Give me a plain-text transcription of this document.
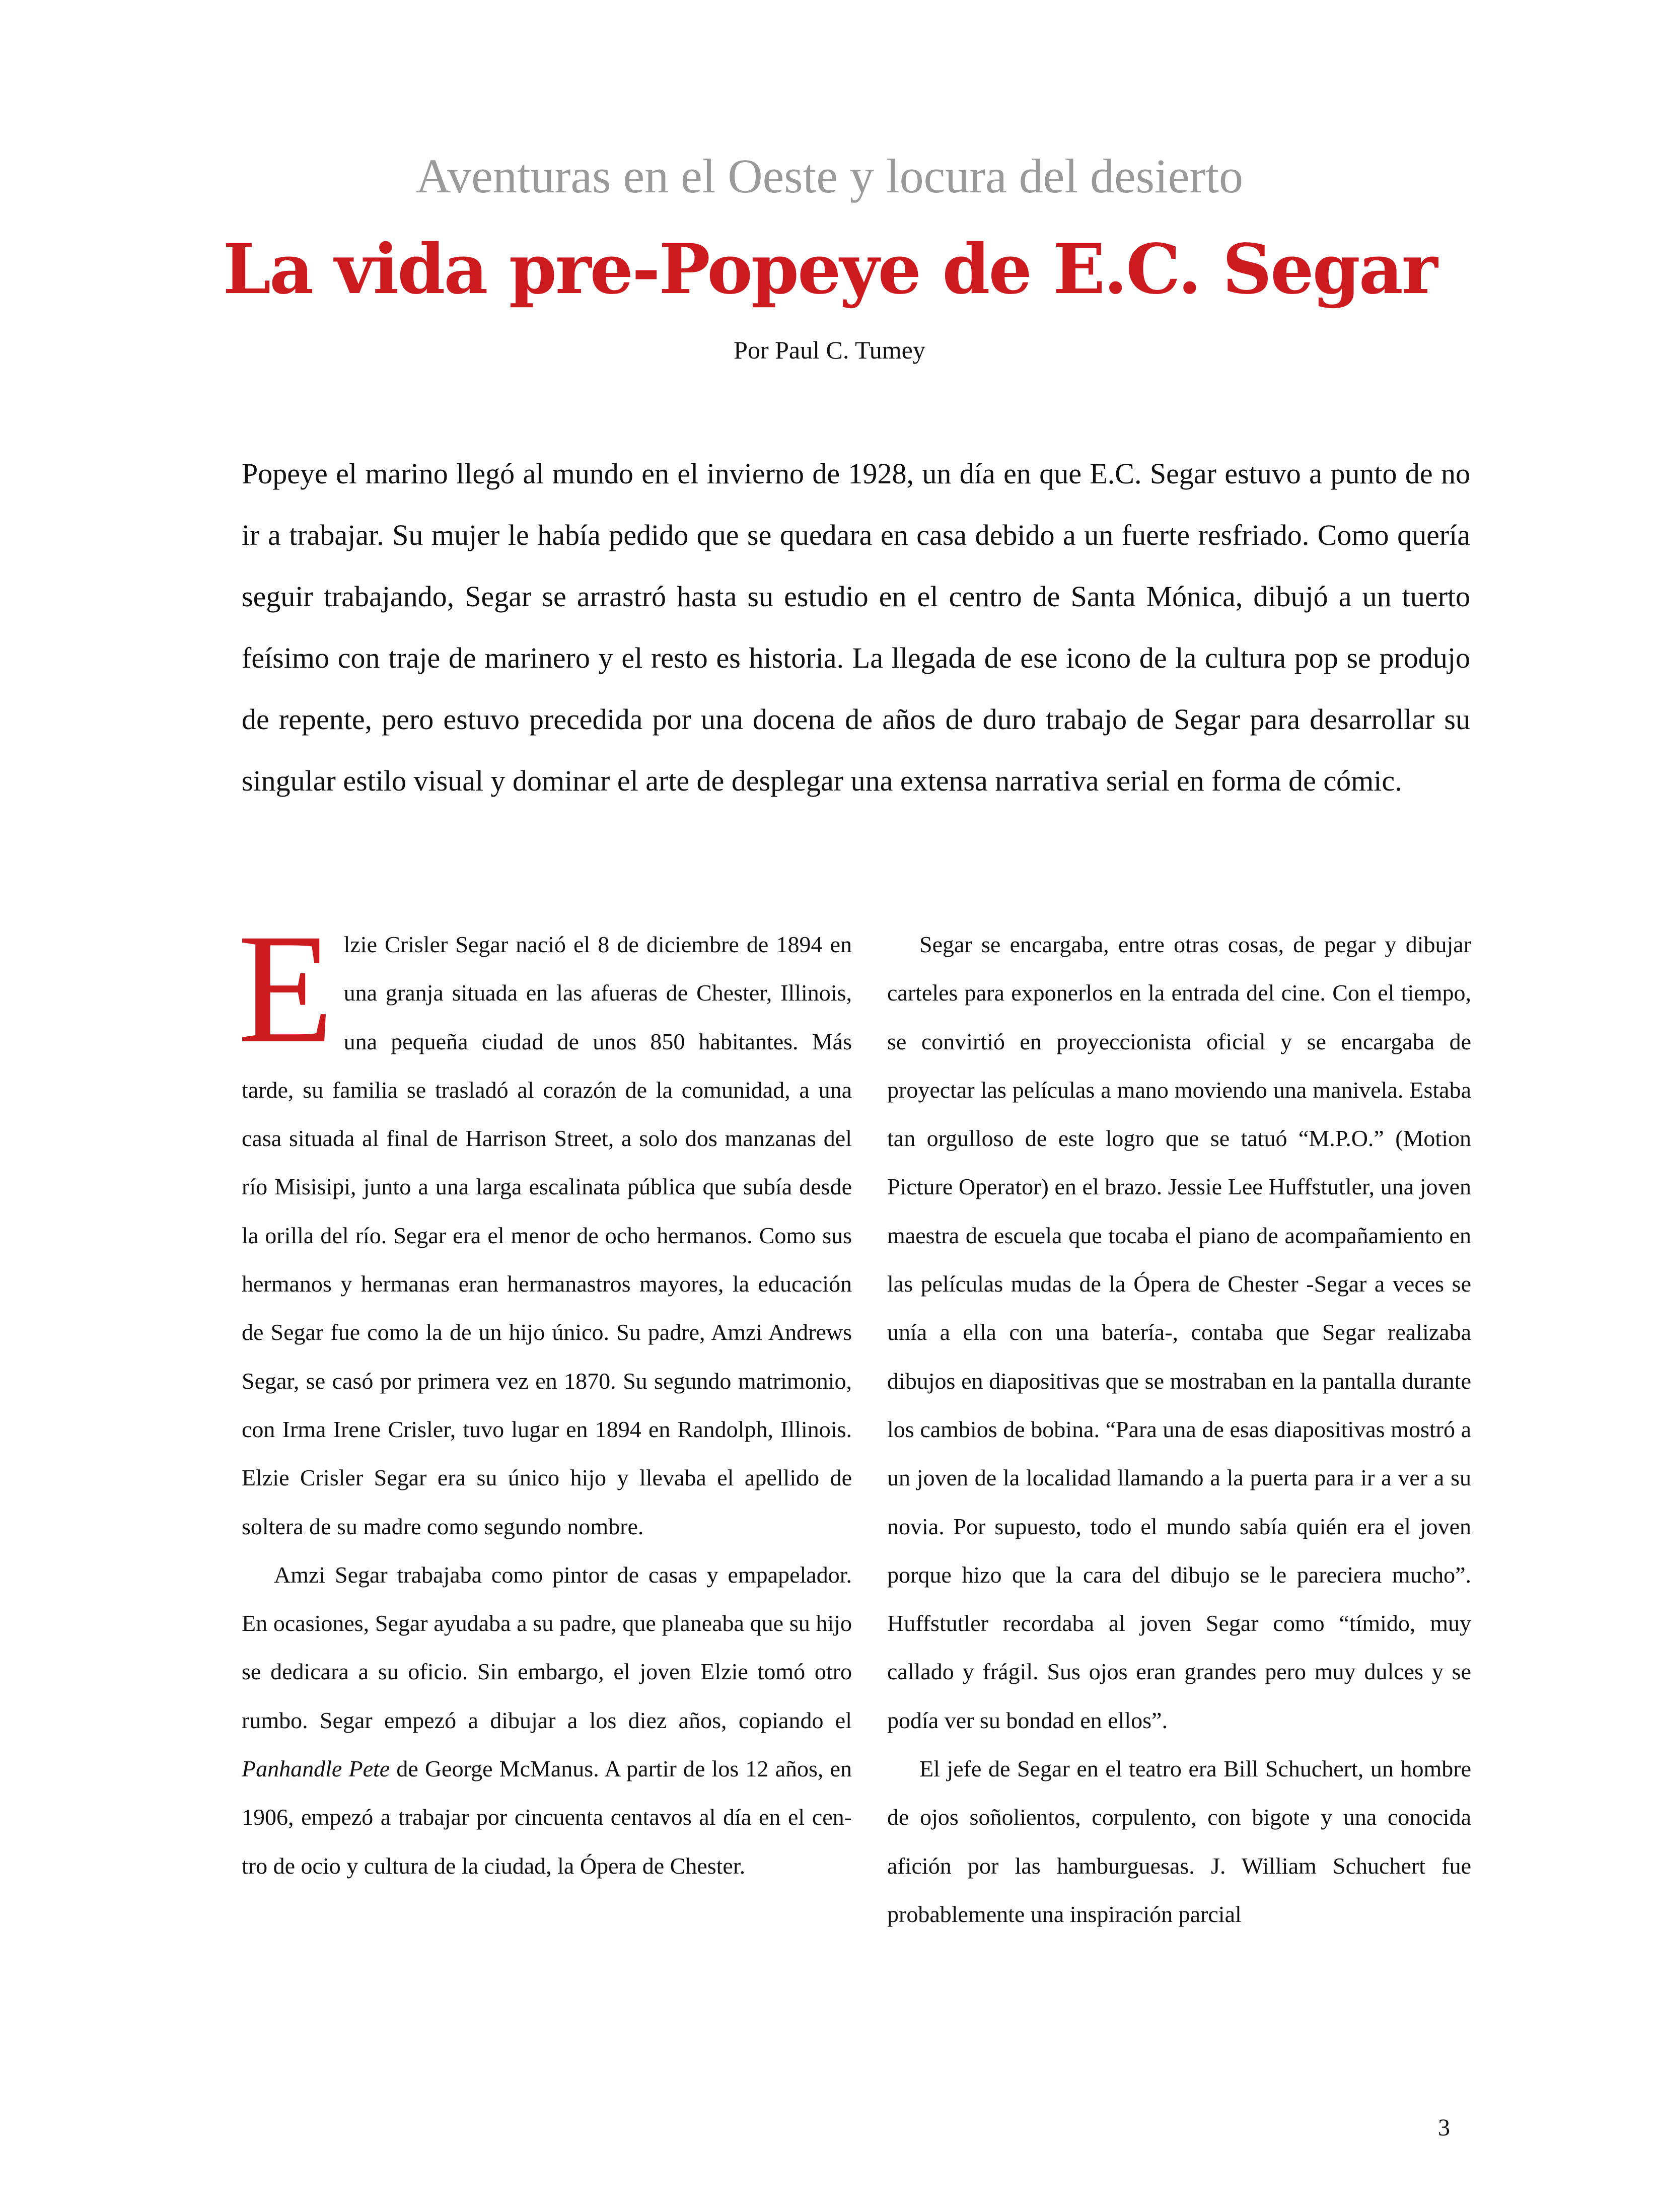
Aventuras en el Oeste y locura del desierto
La vida pre-Popeye de E.C. Segar
Por Paul C. Tumey

Popeye el marino llegó al mundo en el invierno de 1928, un día en que E.C. Segar estuvo a punto de no ir a trabajar. Su mujer le había pedido que se quedara en casa debido a un fuerte resfriado. Como quería seguir trabajando, Segar se arrastró hasta su estudio en el centro de Santa Mónica, dibujó a un tuerto feísimo con traje de marinero y el resto es historia. La llegada de ese icono de la cultura pop se produjo de repente, pero estuvo precedida por una docena de años de duro trabajo de Segar para desarrollar su singular estilo visual y dominar el arte de desplegar una extensa narrativa serial en forma de cómic.

E lzie Crisler Segar nació el 8 de diciembre de 1894 en una granja situada en las afueras de Chester, Illinois, una pequeña ciudad de unos 850 habitantes. Más tarde, su familia se trasladó al corazón de la comunidad, a una casa situada al final de Harrison Street, a solo dos manzanas del río Misisipi, junto a una larga escalinata pública que subía desde la orilla del río. Segar era el menor de ocho hermanos. Como sus hermanos y hermanas eran hermanastros mayores, la educación de Segar fue como la de un hijo único. Su padre, Amzi Andrews Segar, se casó por primera vez en 1870. Su segundo matrimonio, con Irma Irene Crisler, tuvo lugar en 1894 en Randolph, Illinois. Elzie Crisler Segar era su único hijo y llevaba el apellido de soltera de su madre como segundo nombre.

Amzi Segar trabajaba como pintor de casas y empapelador. En ocasiones, Segar ayudaba a su padre, que planeaba que su hijo se dedicara a su oficio. Sin embargo, el joven Elzie tomó otro rumbo. Segar empezó a dibujar a los diez años, copiando el Panhandle Pete de George McManus. A partir de los 12 años, en 1906, empezó a trabajar por cincuenta centavos al día en el centro de ocio y cultura de la ciudad, la Ópera de Chester.

Segar se encargaba, entre otras cosas, de pegar y dibujar carteles para exponerlos en la entrada del cine. Con el tiempo, se convirtió en proyeccionista oficial y se encargaba de proyectar las películas a mano moviendo una manivela. Estaba tan orgulloso de este logro que se tatuó “M.P.O.” (Motion Picture Operator) en el brazo. Jessie Lee Huffstutler, una joven maestra de escuela que tocaba el piano de acompañamiento en las películas mudas de la Ópera de Chester -Segar a veces se unía a ella con una batería-, contaba que Segar realizaba dibujos en diapositivas que se mostraban en la pantalla durante los cambios de bobina. “Para una de esas diapositivas mostró a un joven de la localidad llamando a la puerta para ir a ver a su novia. Por supuesto, todo el mundo sabía quién era el joven porque hizo que la cara del dibujo se le pareciera mucho”. Huffstutler recordaba al joven Segar como “tímido, muy callado y frágil. Sus ojos eran grandes pero muy dulces y se podía ver su bondad en ellos”.

El jefe de Segar en el teatro era Bill Schuchert, un hombre de ojos soñolientos, corpulento, con bigote y una conocida afición por las hamburguesas. J. William Schuchert fue probablemente una inspiración parcial

3
